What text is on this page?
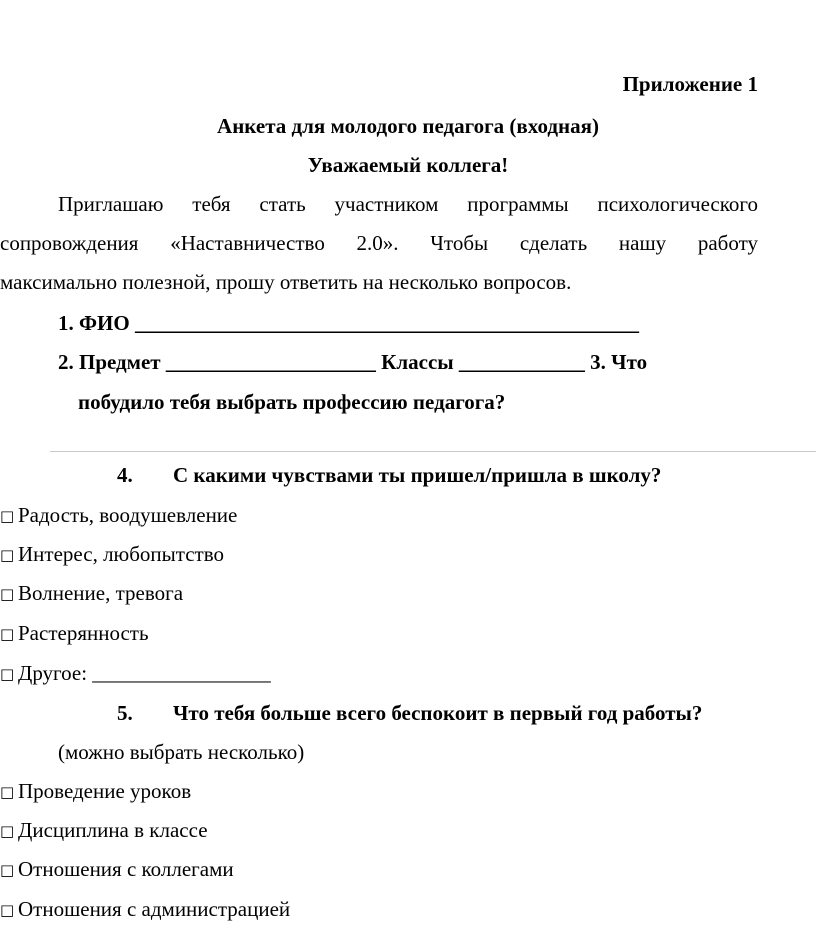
Приложение 1
Анкета для молодого педагога (входная)
Уважаемый коллега!
Приглашаю тебя стать участником программы психологического
сопровождения «Наставничество 2.0». Чтобы сделать нашу работу
максимально полезной, прошу ответить на несколько вопросов.
1. ФИО ________________________________________________
2. Предмет ____________________ Классы ____________ 3. Что
побудило тебя выбрать профессию педагога?
4. С какими чувствами ты пришел/пришла в школу?
□ Радость, воодушевление
□ Интерес, любопытство
□ Волнение, тревога
□ Растерянность
□ Другое: _________________
5. Что тебя больше всего беспокоит в первый год работы?
(можно выбрать несколько)
□ Проведение уроков
□ Дисциплина в классе
□ Отношения с коллегами
□ Отношения с администрацией
